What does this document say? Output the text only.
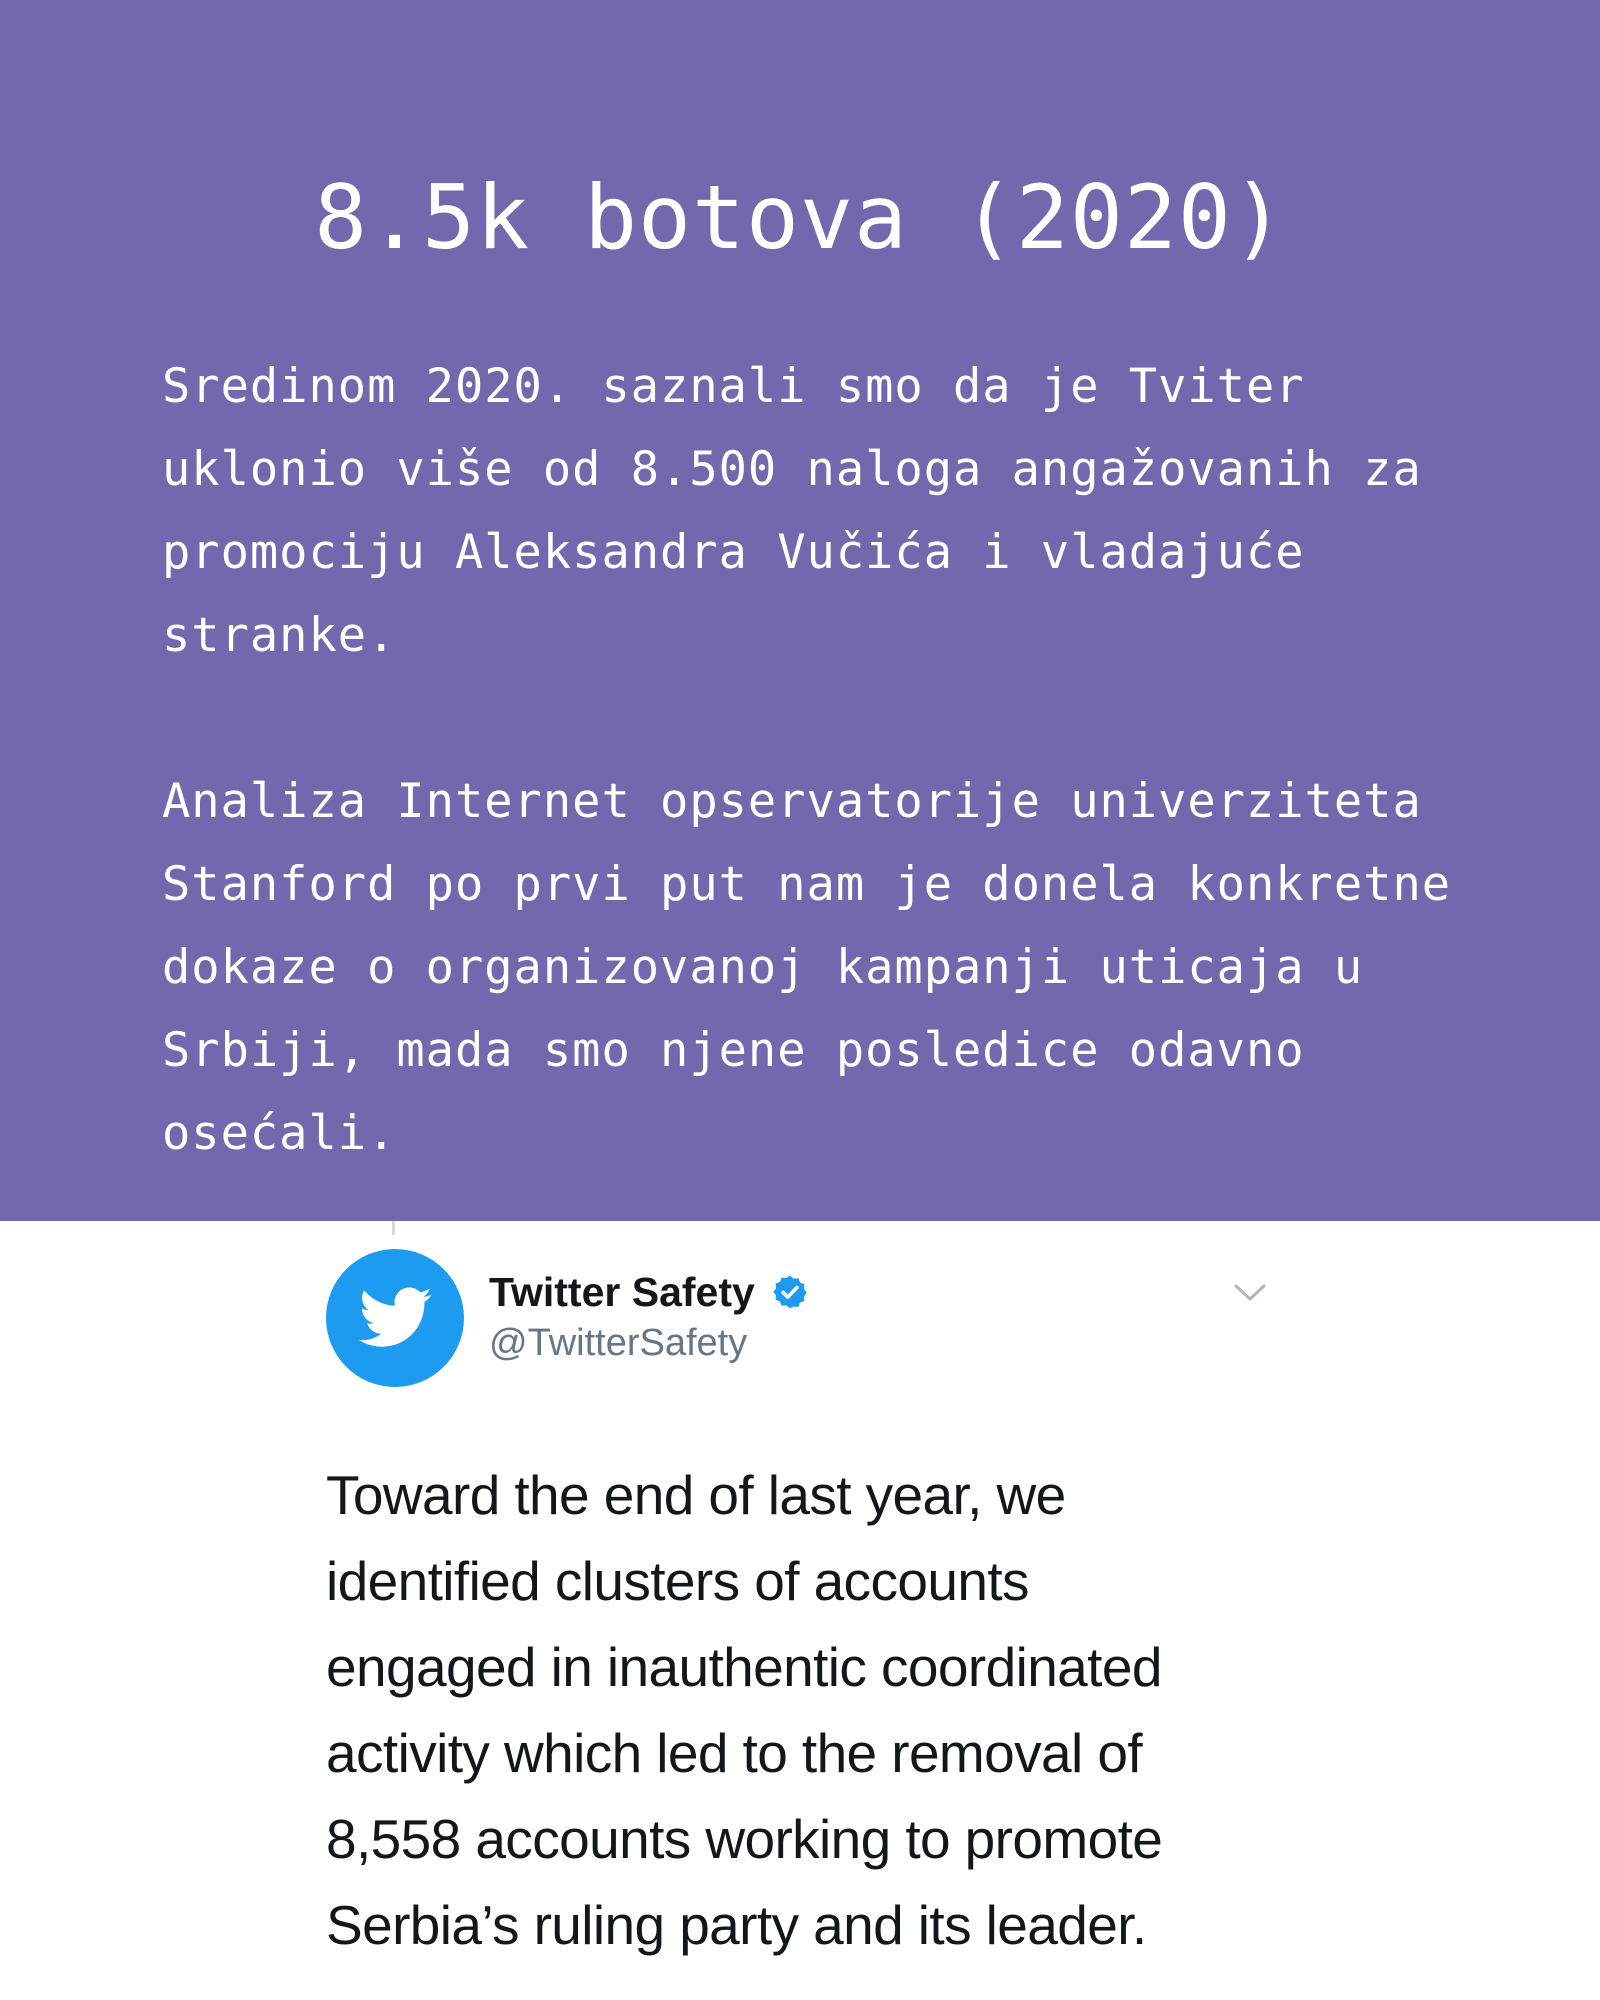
8.5k botova (2020)

Sredinom 2020. saznali smo da je Tviter
uklonio više od 8.500 naloga angažovanih za
promociju Aleksandra Vučića i vladajuće
stranke.

Analiza Internet opservatorije univerziteta
Stanford po prvi put nam je donela konkretne
dokaze o organizovanoj kampanji uticaja u
Srbiji, mada smo njene posledice odavno
osećali.

Twitter Safety
@TwitterSafety

Toward the end of last year, we
identified clusters of accounts
engaged in inauthentic coordinated
activity which led to the removal of
8,558 accounts working to promote
Serbia’s ruling party and its leader.
